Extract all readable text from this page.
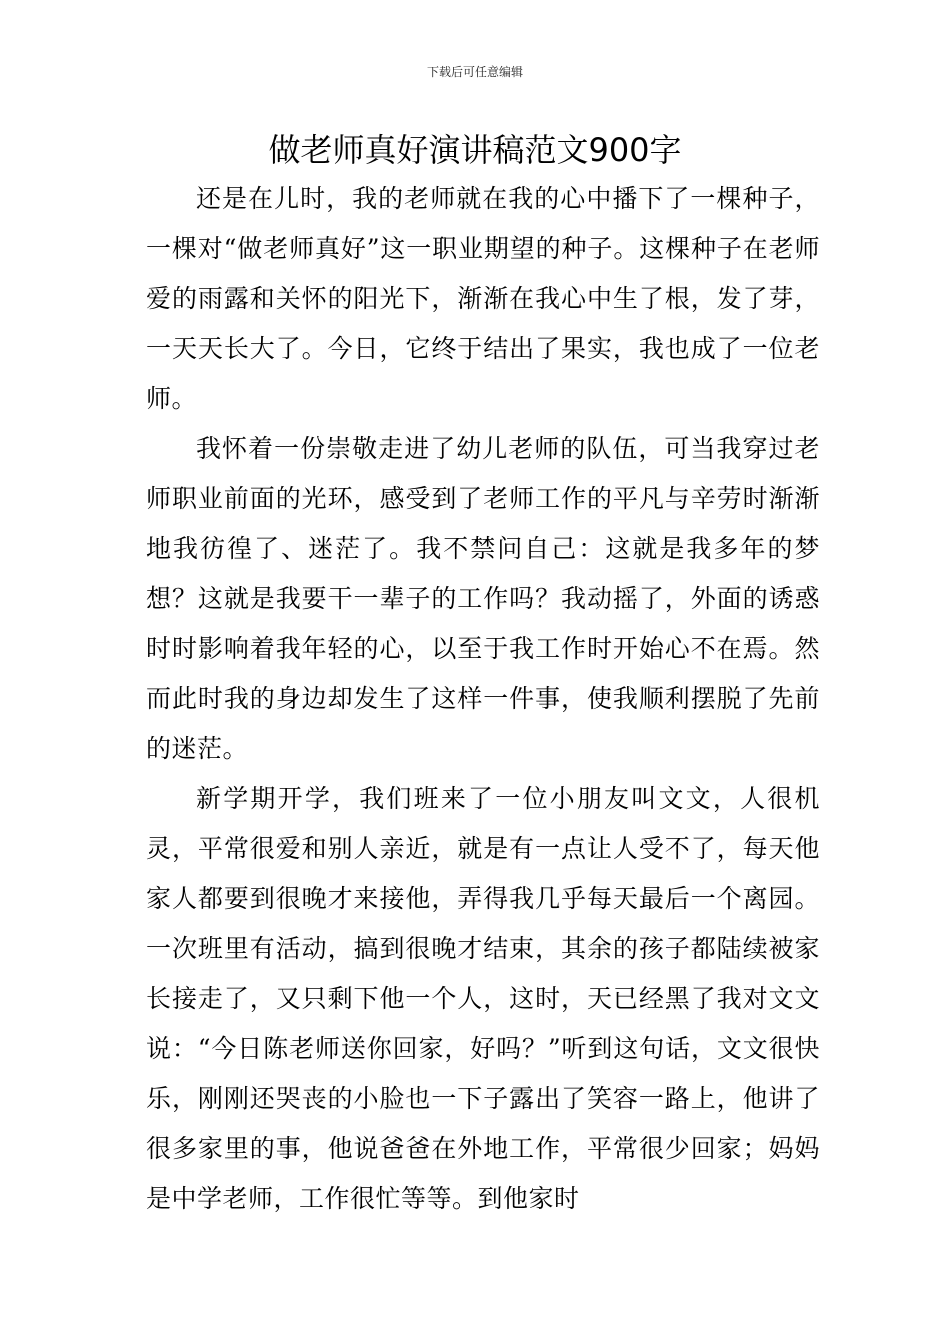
下载后可任意编辑
做老师真好演讲稿范文900字

还是在儿时，我的老师就在我的心中播下了一棵种子，一棵对“做老师真好”这一职业期望的种子。这棵种子在老师爱的雨露和关怀的阳光下，渐渐在我心中生了根，发了芽，一天天长大了。今日，它终于结出了果实，我也成了一位老师。

我怀着一份崇敬走进了幼儿老师的队伍，可当我穿过老师职业前面的光环，感受到了老师工作的平凡与辛劳时渐渐地我彷徨了、迷茫了。我不禁问自己：这就是我多年的梦想？这就是我要干一辈子的工作吗？我动摇了，外面的诱惑时时影响着我年轻的心，以至于我工作时开始心不在焉。然而此时我的身边却发生了这样一件事，使我顺利摆脱了先前的迷茫。

新学期开学，我们班来了一位小朋友叫文文，人很机灵，平常很爱和别人亲近，就是有一点让人受不了，每天他家人都要到很晚才来接他，弄得我几乎每天最后一个离园。一次班里有活动，搞到很晚才结束，其余的孩子都陆续被家长接走了，又只剩下他一个人，这时，天已经黑了我对文文说：“今日陈老师送你回家，好吗？”听到这句话，文文很快乐，刚刚还哭丧的小脸也一下子露出了笑容一路上，他讲了很多家里的事，他说爸爸在外地工作，平常很少回家；妈妈是中学老师，工作很忙等等。到他家时
